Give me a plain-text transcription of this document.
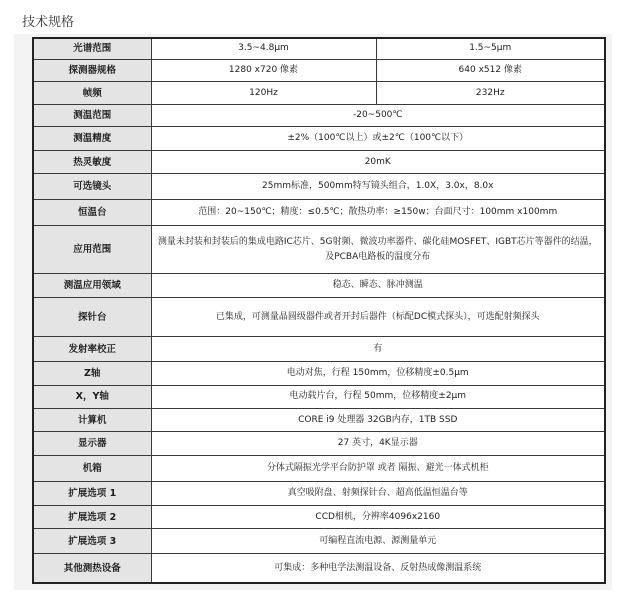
技术规格
光谱范围	3.5~4.8μm	1.5~5μm
探测器规格	1280 x720 像素	640 x512 像素
帧频	120Hz	232Hz
测温范围	-20~500℃	
测温精度	±2%（100℃以上）或±2℃（100℃以下）	
热灵敏度	20mK	
可选镜头	25mm标准，500mm特写镜头组合，1.0X，3.0x，8.0x	
恒温台	范围：20~150℃；精度：≤0.5℃；散热功率：≥150w；台面尺寸：100mm x100mm	
应用范围	测量未封装和封装后的集成电路IC芯片、5G射频、微波功率器件、碳化硅MOSFET、IGBT芯片等器件的结温，及PCBA电路板的温度分布	
测温应用领域	稳态、瞬态、脉冲测温	
探针台	已集成，可测量晶圆级器件或者开封后器件（标配DC模式探头），可选配射频探头	
发射率校正	有	
Z轴	电动对焦，行程 150mm，位移精度±0.5μm	
X，Y轴	电动载片台，行程 50mm，位移精度±2μm	
计算机	CORE i9 处理器 32GB内存，1TB SSD	
显示器	27 英寸，4K显示器	
机箱	分体式隔振光学平台防护罩 或者 隔振、避光一体式机柜	
扩展选项 1	真空吸附盘、射频探针台、超高低温恒温台等	
扩展选项 2	CCD相机，分辨率4096x2160	
扩展选项 3	可编程直流电源、源测量单元	
其他测热设备	可集成：多种电学法测温设备、反射热成像测温系统	
